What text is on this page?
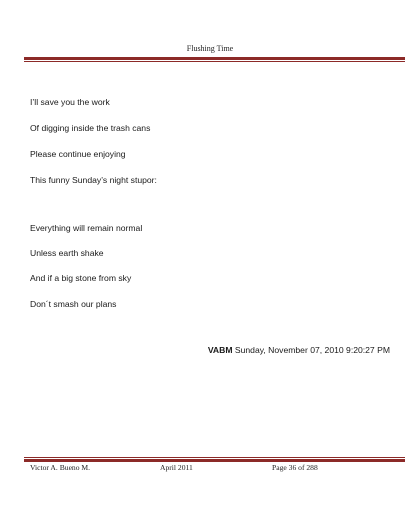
Flushing Time
I’ll save you the work
Of digging inside the trash cans
Please continue enjoying
This funny Sunday’s night stupor:
Everything will remain normal
Unless earth shake
And if a big stone from sky
Don´t smash our plans
VABM Sunday, November 07, 2010 9:20:27 PM
Victor A. Bueno M.	April 2011	Page 36 of 288
